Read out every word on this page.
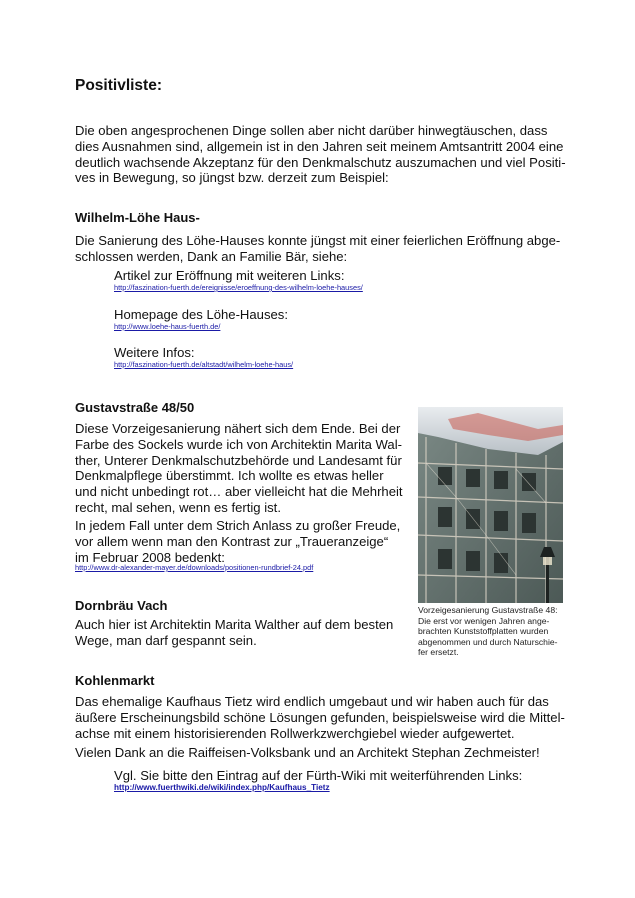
Positivliste:
Die oben angesprochenen Dinge sollen aber nicht darüber hinwegtäuschen, dass
dies Ausnahmen sind, allgemein ist in den Jahren seit meinem Amtsantritt 2004 eine
deutlich wachsende Akzeptanz für den Denkmalschutz auszumachen und viel Positi-
ves in Bewegung, so jüngst bzw. derzeit zum Beispiel:
Wilhelm-Löhe Haus-
Die Sanierung des Löhe-Hauses konnte jüngst mit einer feierlichen Eröffnung abge-
schlossen werden, Dank an Familie Bär, siehe:
Artikel zur Eröffnung mit weiteren Links:
http://faszination-fuerth.de/ereignisse/eroeffnung-des-wilhelm-loehe-hauses/
Homepage des Löhe-Hauses:
http://www.loehe-haus-fuerth.de/
Weitere Infos:
http://faszination-fuerth.de/altstadt/wilhelm-loehe-haus/
Gustavstraße 48/50
Diese Vorzeigesanierung nähert sich dem Ende. Bei der
Farbe des Sockels wurde ich von Architektin Marita Wal-
ther, Unterer Denkmalschutzbehörde und Landesamt für
Denkmalpflege überstimmt. Ich wollte es etwas heller
und nicht unbedingt rot… aber vielleicht hat die Mehrheit
recht, mal sehen, wenn es fertig ist.
In jedem Fall unter dem Strich Anlass zu großer Freude,
vor allem wenn man den Kontrast zur „Traueranzeige“
im Februar 2008 bedenkt:
http://www.dr-alexander-mayer.de/downloads/positionen-rundbrief-24.pdf
Vorzeigesanierung Gustavstraße 48:
Die erst vor wenigen Jahren ange-
brachten Kunststoffplatten wurden
abgenommen und durch Naturschie-
fer ersetzt.
Dornbräu Vach
Auch hier ist Architektin Marita Walther auf dem besten
Wege, man darf gespannt sein.
Kohlenmarkt
Das ehemalige Kaufhaus Tietz wird endlich umgebaut und wir haben auch für das
äußere Erscheinungsbild schöne Lösungen gefunden, beispielsweise wird die Mittel-
achse mit einem historisierenden Rollwerkzwerchgiebel wieder aufgewertet.
Vielen Dank an die Raiffeisen-Volksbank und an Architekt Stephan Zechmeister!
Vgl. Sie bitte den Eintrag auf der Fürth-Wiki mit weiterführenden Links:
http://www.fuerthwiki.de/wiki/index.php/Kaufhaus_Tietz
